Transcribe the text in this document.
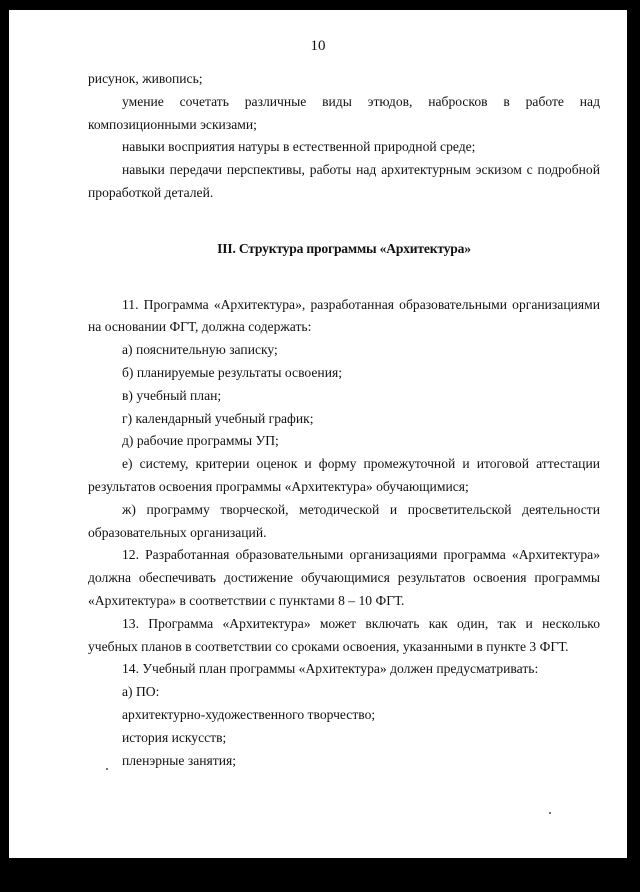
10

рисунок, живопись;

умение сочетать различные виды этюдов, набросков в работе над композиционными эскизами;

навыки восприятия натуры в естественной природной среде;

навыки передачи перспективы, работы над архитектурным эскизом с подробной проработкой деталей.

III. Структура программы «Архитектура»

11. Программа «Архитектура», разработанная образовательными организациями на основании ФГТ, должна содержать:

а) пояснительную записку;

б) планируемые результаты освоения;

в) учебный план;

г) календарный учебный график;

д) рабочие программы УП;

е) систему, критерии оценок и форму промежуточной и итоговой аттестации результатов освоения программы «Архитектура» обучающимися;

ж) программу творческой, методической и просветительской деятельности образовательных организаций.

12. Разработанная образовательными организациями программа «Архитектура» должна обеспечивать достижение обучающимися результатов освоения программы «Архитектура» в соответствии с пунктами 8 – 10 ФГТ.

13. Программа «Архитектура» может включать как один, так и несколько учебных планов в соответствии со сроками освоения, указанными в пункте 3 ФГТ.

14. Учебный план программы «Архитектура» должен предусматривать:

а) ПО:

архитектурно-художественного творчество;

история искусств;

пленэрные занятия;
